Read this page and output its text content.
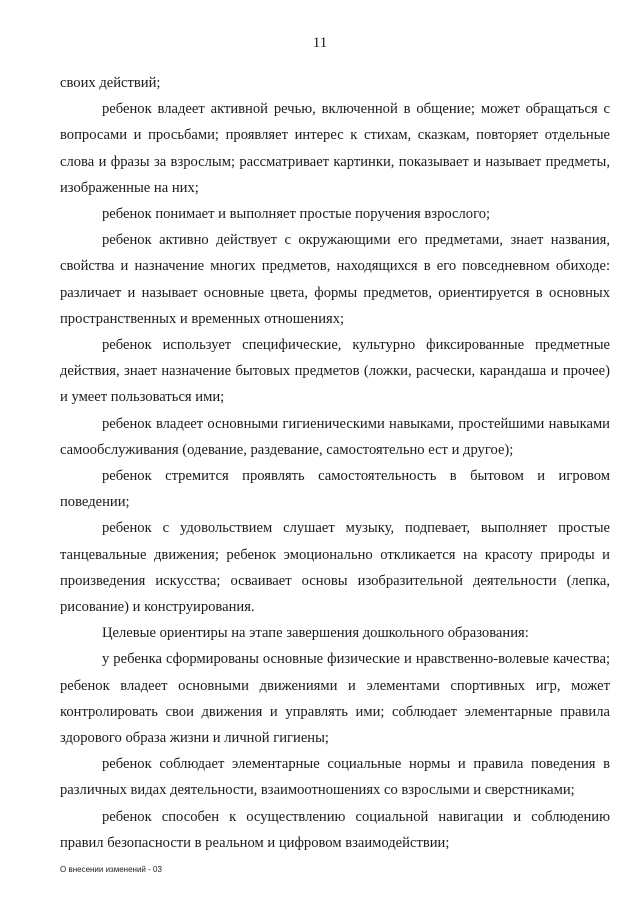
11

своих действий;

ребенок владеет активной речью, включенной в общение; может обращаться с вопросами и просьбами; проявляет интерес к стихам, сказкам, повторяет отдельные слова и фразы за взрослым; рассматривает картинки, показывает и называет предметы, изображенные на них;

ребенок понимает и выполняет простые поручения взрослого;

ребенок активно действует с окружающими его предметами, знает названия, свойства и назначение многих предметов, находящихся в его повседневном обиходе: различает и называет основные цвета, формы предметов, ориентируется в основных пространственных и временных отношениях;

ребенок использует специфические, культурно фиксированные предметные действия, знает назначение бытовых предметов (ложки, расчески, карандаша и прочее) и умеет пользоваться ими;

ребенок владеет основными гигиеническими навыками, простейшими навыками самообслуживания (одевание, раздевание, самостоятельно ест и другое);

ребенок стремится проявлять самостоятельность в бытовом и игровом поведении;

ребенок с удовольствием слушает музыку, подпевает, выполняет простые танцевальные движения; ребенок эмоционально откликается на красоту природы и произведения искусства; осваивает основы изобразительной деятельности (лепка, рисование) и конструирования.

Целевые ориентиры на этапе завершения дошкольного образования:

у ребенка сформированы основные физические и нравственно-волевые качества; ребенок владеет основными движениями и элементами спортивных игр, может контролировать свои движения и управлять ими; соблюдает элементарные правила здорового образа жизни и личной гигиены;

ребенок соблюдает элементарные социальные нормы и правила поведения в различных видах деятельности, взаимоотношениях со взрослыми и сверстниками;

ребенок способен к осуществлению социальной навигации и соблюдению правил безопасности в реальном и цифровом взаимодействии;

О внесении изменений - 03
